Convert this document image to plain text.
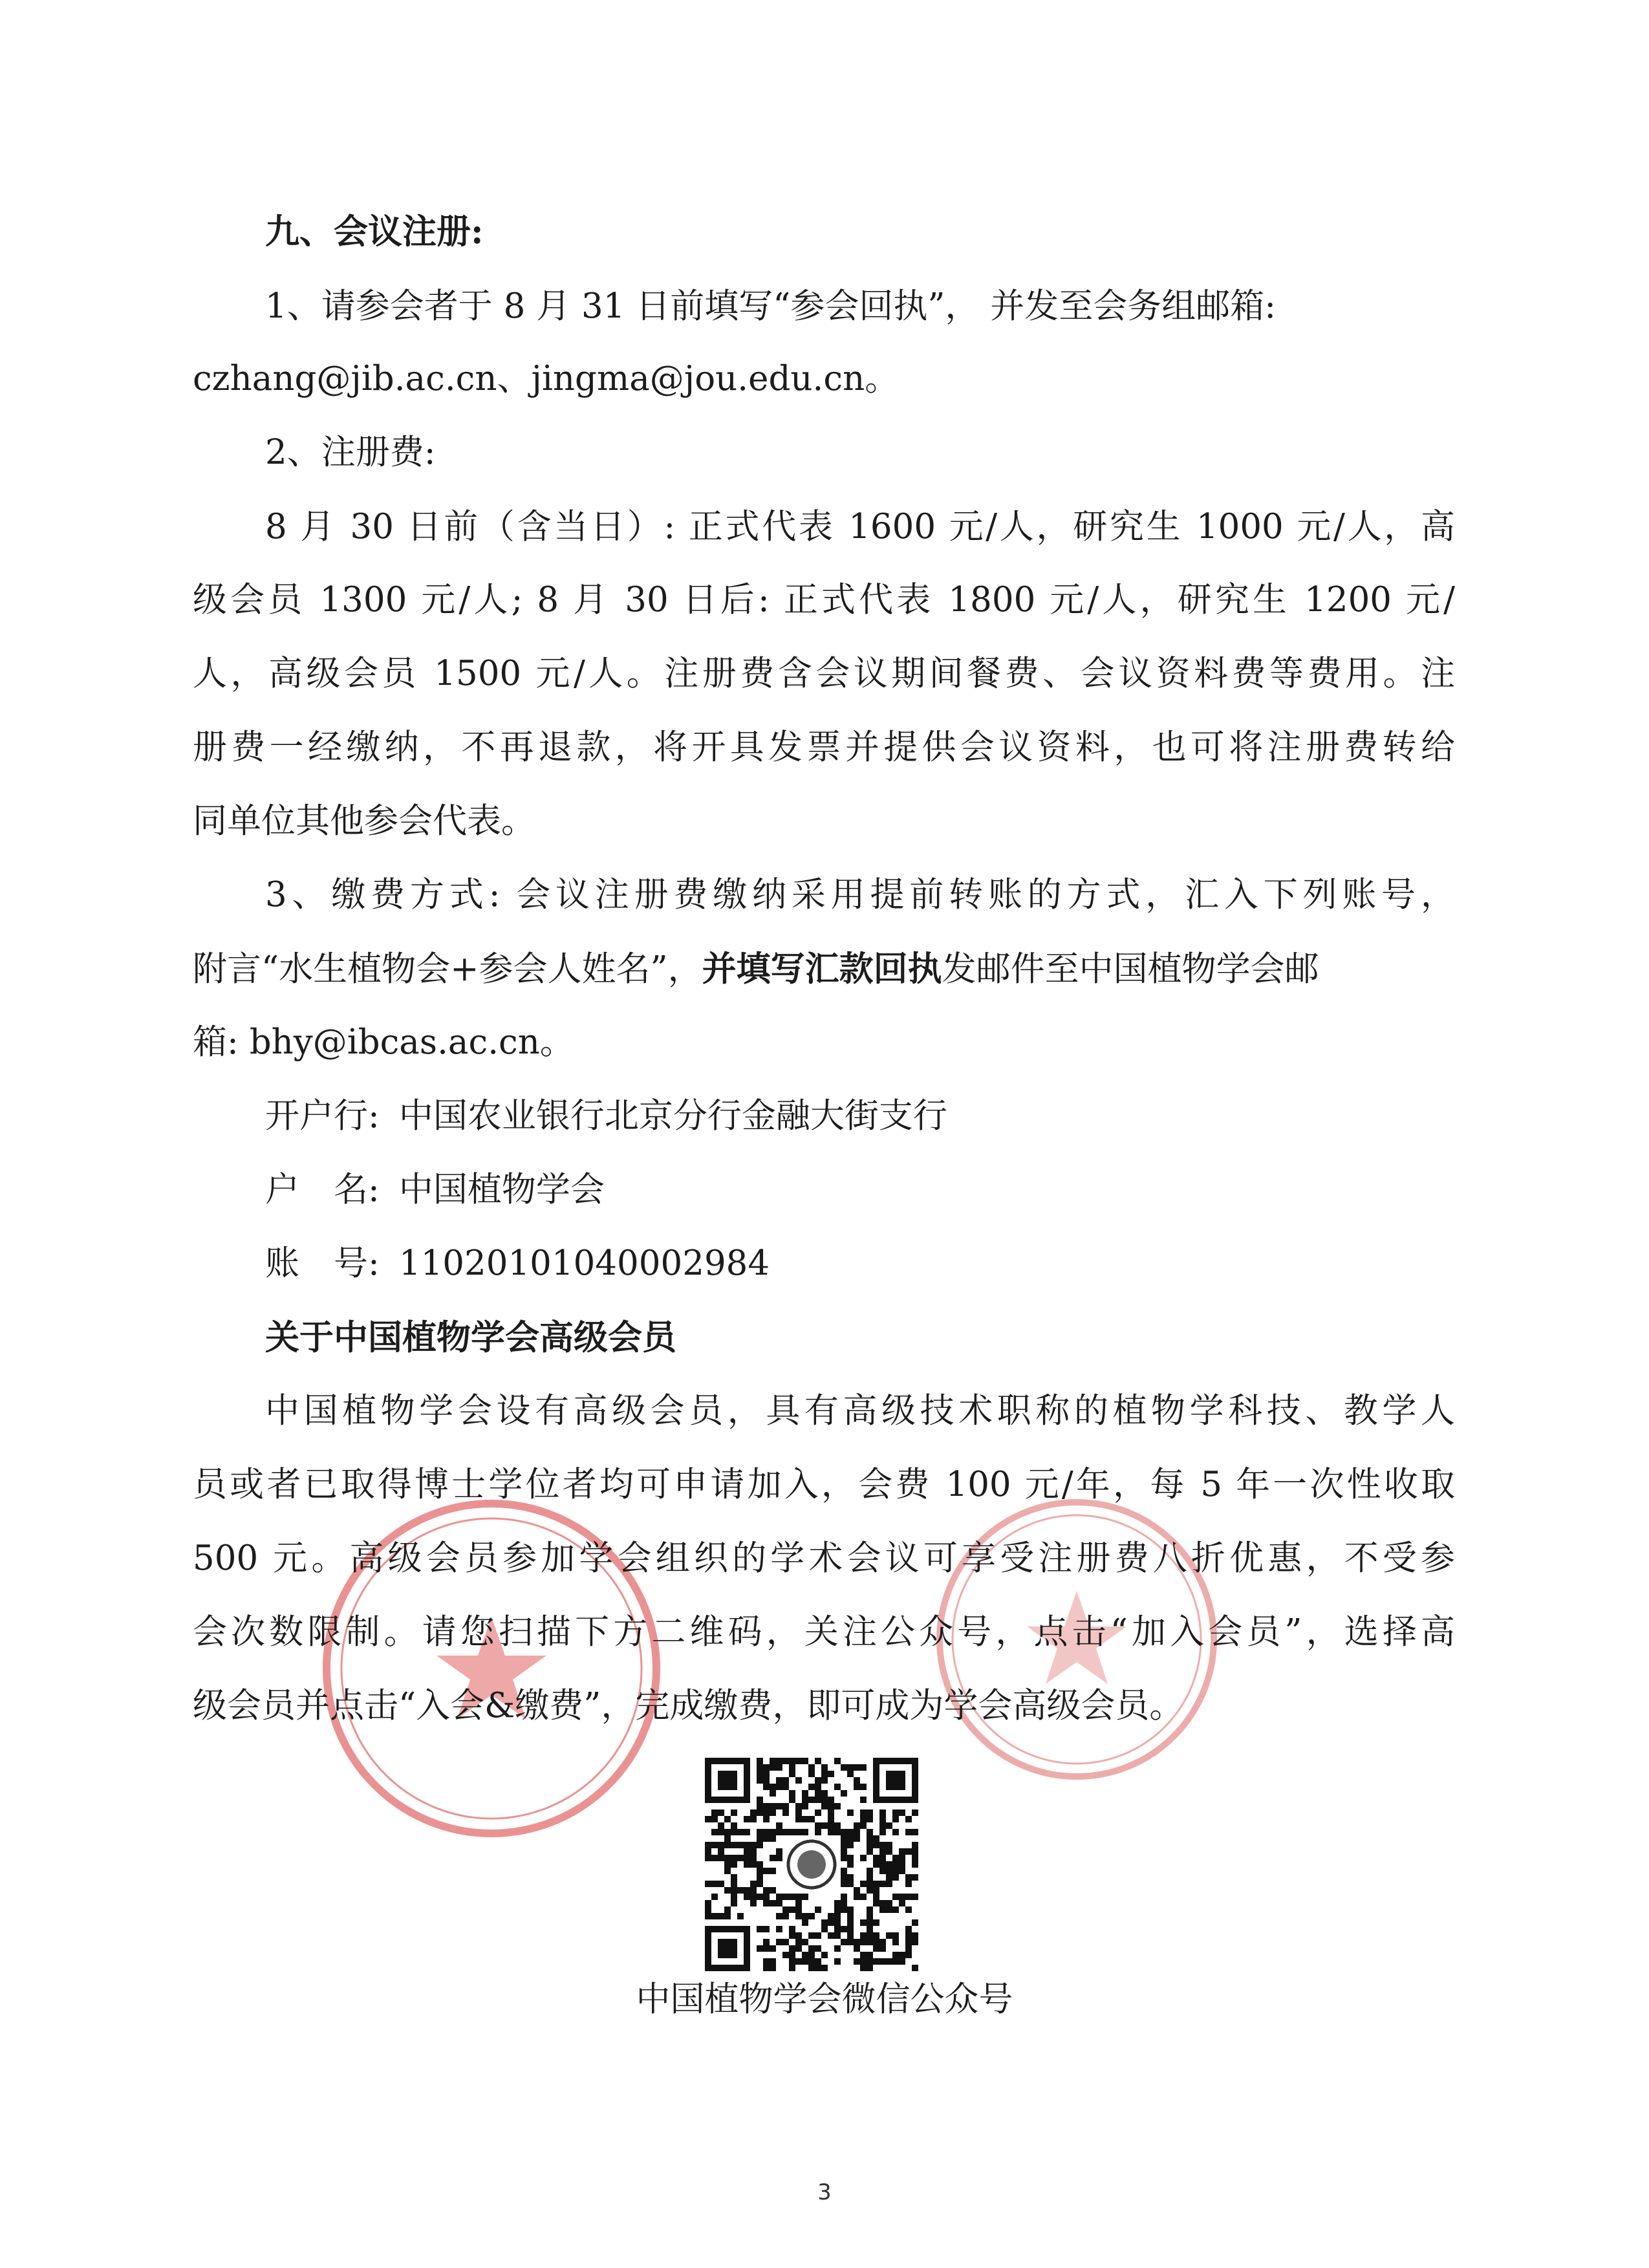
九、会议注册:
1、请参会者于 8 月 31 日前填写“参会回执”， 并发至会务组邮箱:
czhang@jib.ac.cn、jingma@jou.edu.cn。
2、注册费:
8 月 30 日前（含当日）: 正式代表 1600 元/人，研究生 1000 元/人，高
级会员 1300 元/人; 8 月 30 日后: 正式代表 1800 元/人，研究生 1200 元/
人，高级会员 1500 元/人。注册费含会议期间餐费、会议资料费等费用。注
册费一经缴纳，不再退款，将开具发票并提供会议资料，也可将注册费转给
同单位其他参会代表。
3、缴费方式: 会议注册费缴纳采用提前转账的方式，汇入下列账号，
附言“水生植物会+参会人姓名”，并填写汇款回执发邮件至中国植物学会邮
箱: bhy@ibcas.ac.cn。
开户行: 中国农业银行北京分行金融大街支行
户　名: 中国植物学会
账　号: 11020101040002984
关于中国植物学会高级会员
中国植物学会设有高级会员，具有高级技术职称的植物学科技、教学人
员或者已取得博士学位者均可申请加入，会费 100 元/年，每 5 年一次性收取
500 元。高级会员参加学会组织的学术会议可享受注册费八折优惠，不受参
会次数限制。请您扫描下方二维码，关注公众号，点击“加入会员”，选择高
级会员并点击“入会&缴费”，完成缴费，即可成为学会高级会员。
中国植物学会微信公众号
3
